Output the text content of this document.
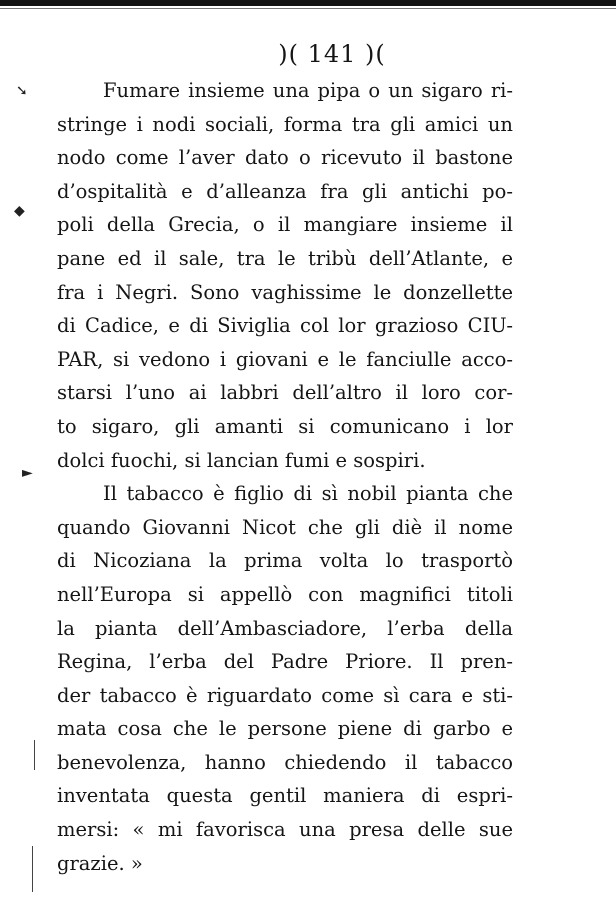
)( 141 )(
➘
◆
►
Fumare insieme una pipa o un sigaro ri-
stringe i nodi sociali, forma tra gli amici un
nodo come l’aver dato o ricevuto il bastone
d’ospitalità e d’alleanza fra gli antichi po-
poli della Grecia, o il mangiare insieme il
pane ed il sale, tra le tribù dell’Atlante, e
fra i Negri. Sono vaghissime le donzellette
di Cadice, e di Siviglia col lor grazioso CIU-
PAR, si vedono i giovani e le fanciulle acco-
starsi l’uno ai labbri dell’altro il loro cor-
to sigaro, gli amanti si comunicano i lor
dolci fuochi, si lancian fumi e sospiri.
Il tabacco è figlio di sì nobil pianta che
quando Giovanni Nicot che gli diè il nome
di Nicoziana la prima volta lo trasportò
nell’Europa si appellò con magnifici titoli
la pianta dell’Ambasciadore, l’erba della
Regina, l’erba del Padre Priore. Il pren-
der tabacco è riguardato come sì cara e sti-
mata cosa che le persone piene di garbo e
benevolenza, hanno chiedendo il tabacco
inventata questa gentil maniera di espri-
mersi: « mi favorisca una presa delle sue
grazie. »
